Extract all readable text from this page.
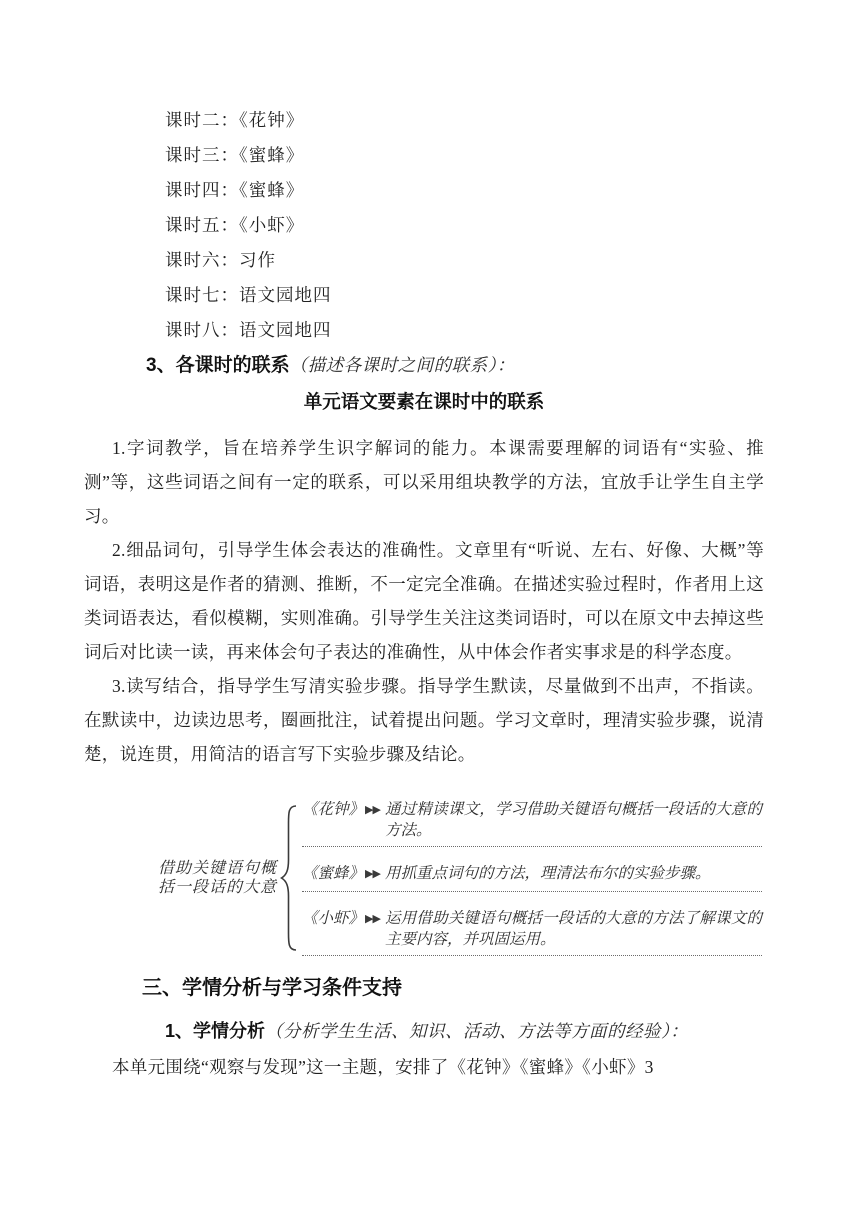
课时二：《花钟》
课时三：《蜜蜂》
课时四：《蜜蜂》
课时五：《小虾》
课时六：习作
课时七：语文园地四
课时八：语文园地四
3、各课时的联系（描述各课时之间的联系）：
单元语文要素在课时中的联系

1.字词教学，旨在培养学生识字解词的能力。本课需要理解的词语有“实验、推测”等，这些词语之间有一定的联系，可以采用组块教学的方法，宜放手让学生自主学习。

2.细品词句，引导学生体会表达的准确性。文章里有“听说、左右、好像、大概”等词语，表明这是作者的猜测、推断，不一定完全准确。在描述实验过程时，作者用上这类词语表达，看似模糊，实则准确。引导学生关注这类词语时，可以在原文中去掉这些词后对比读一读，再来体会句子表达的准确性，从中体会作者实事求是的科学态度。

3.读写结合，指导学生写清实验步骤。指导学生默读，尽量做到不出声，不指读。在默读中，边读边思考，圈画批注，试着提出问题。学习文章时，理清实验步骤，说清楚，说连贯，用简洁的语言写下实验步骤及结论。

借助关键语句概
括一段话的大意
《花钟》▶▶ 通过精读课文，学习借助关键语句概括一段话的大意的方法。
《蜜蜂》▶▶ 用抓重点词句的方法，理清法布尔的实验步骤。
《小虾》▶▶ 运用借助关键语句概括一段话的大意的方法了解课文的主要内容，并巩固运用。
三、学情分析与学习条件支持
1、学情分析（分析学生生活、知识、活动、方法等方面的经验）：

本单元围绕“观察与发现”这一主题，安排了《花钟》《蜜蜂》《小虾》3
